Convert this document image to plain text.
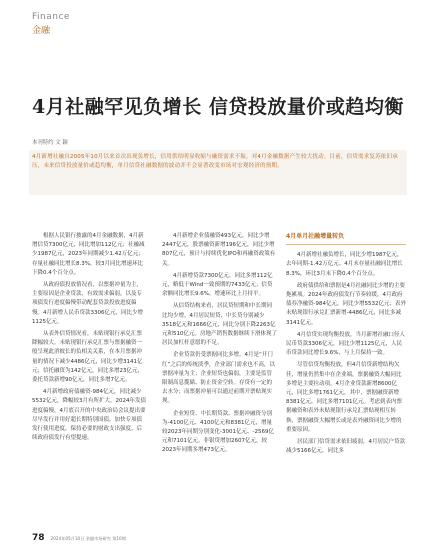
Finance
金融
4月社融罕见负增长 信贷投放量价或趋均衡
本刊特约 文 颖
4月新增社融自2005年10月以来首次出现负增长，信用供给明显收缩与融资需求不振，对4月金融数据产生较大扰动。目前，信贷需求复苏依旧承压，未来信贷投放量价或趋均衡，单月信贷社融数据的波动并不会显著改变市场对宏观经济的预期。

根据人民银行披露的4月金融数据，4月新增信贷7300亿元，同比增加112亿元；社融减少1987亿元，2023年同期减少1.42万亿元；存量社融同比增长8.3%，较3月同比增速环比下降0.4个百分点。

从政府债投放情况看，以票据冲量为主，主要原因是企业贷款、有效需求偏弱，以及专项债发行进度偏慢带动配套贷款投放进度偏慢。4月新增人民币贷款3306亿元，同比少增1125亿元。

从表外信贷情况看，未贴现银行承兑汇票降幅较大。未贴现银行承兑汇票与票据融资一般呈现此消彼长的负相关关系，在本月票据冲量的情况下减少4486亿元，同比少增3141亿元；信托融资为142亿元，同比多增23亿元，委托贷款新增90亿元，同比多增7亿元。

4月新增政府债融资-984亿元，同比减少5532亿元，降幅较3月有所扩大，2024年发债进度偏慢，4月底召开的中央政治局会议提出要尽早发行并用好超长期特别国债，加快专项债发行使用进度，保持必要的财政支出强度。后续政府债发行有望提速。

4月新增企业债融资493亿元，同比少增2447亿元，股票融资新增196亿元，同比少增807亿元，预计与持续优化IPO和再融资政策有关。

4月新增贷款7300亿元，同比多增112亿元，略低于Wind一致预期的7433亿元；信贷余额同比增长9.6%，增速环比上月持平。

从信贷结构来看，居民贷短期和中长期同比均少增。4月居民短贷、中长贷分别减少3518亿元和1666亿元，同比分别下降2263亿元和510亿元。房地产销售数据继续下滑体现了居民加杠杆意愿的不足。

企业贷款仍受票据同比多增。4月是“开门红”之后的传统淡季，企业部门需求也不高，以票据冲量为主；企业短贷也偏弱，主要是监管限制高息揽储、防止资金空转。存贷有一定的去水分；而票据冲量可以通过前期开票贴现实现。

企业短贷、中长期贷款、票据冲融资分别为-4100亿元、4100亿元和8381亿元，增量较2023年同期分别变化-3001亿元、-2569亿元和7101亿元。非银贷增加2607亿元，较2023年同期多增473亿元。

4月单月社融增量转负

4月新增社融负增长，同比少增1987亿元，去年同期-1.42万亿元。4月末存量社融同比增长8.3%，环比3月末下降0.4个百分点。

政府债供给和票据是4月社融同比少增的主要拖累项。2024年政府债发行节奏较缓，4月政府债券净融资-984亿元，同比少增5532亿元；表外未贴现银行承兑汇票新增-4486亿元，同比多减3141亿元。

4月信贷实现均衡投放，当月新增社融口径人民币贷款3306亿元，同比少增1125亿元，人民币贷款同比增长9.6%，与上月保持一致。

尽管信贷均衡投放，但4月信贷新增结构欠佳，增量仍然集中在企业端，票据融资大幅同比多增是主要拉动项。4月企业贷款新增8600亿元，同比多增1761亿元，其中，票据融资新增8381亿元，同比多增7101亿元。考虑到表内票据融资和表外未贴现银行承兑汇票贴现相互转换，票据融资大幅增长或是表外融资同比少增的重要原因。

居民部门信贷需求依旧疲弱，4月居民户贷款减少5166亿元，同比多

78 2024年05月10日 金融市场研究 第10期
